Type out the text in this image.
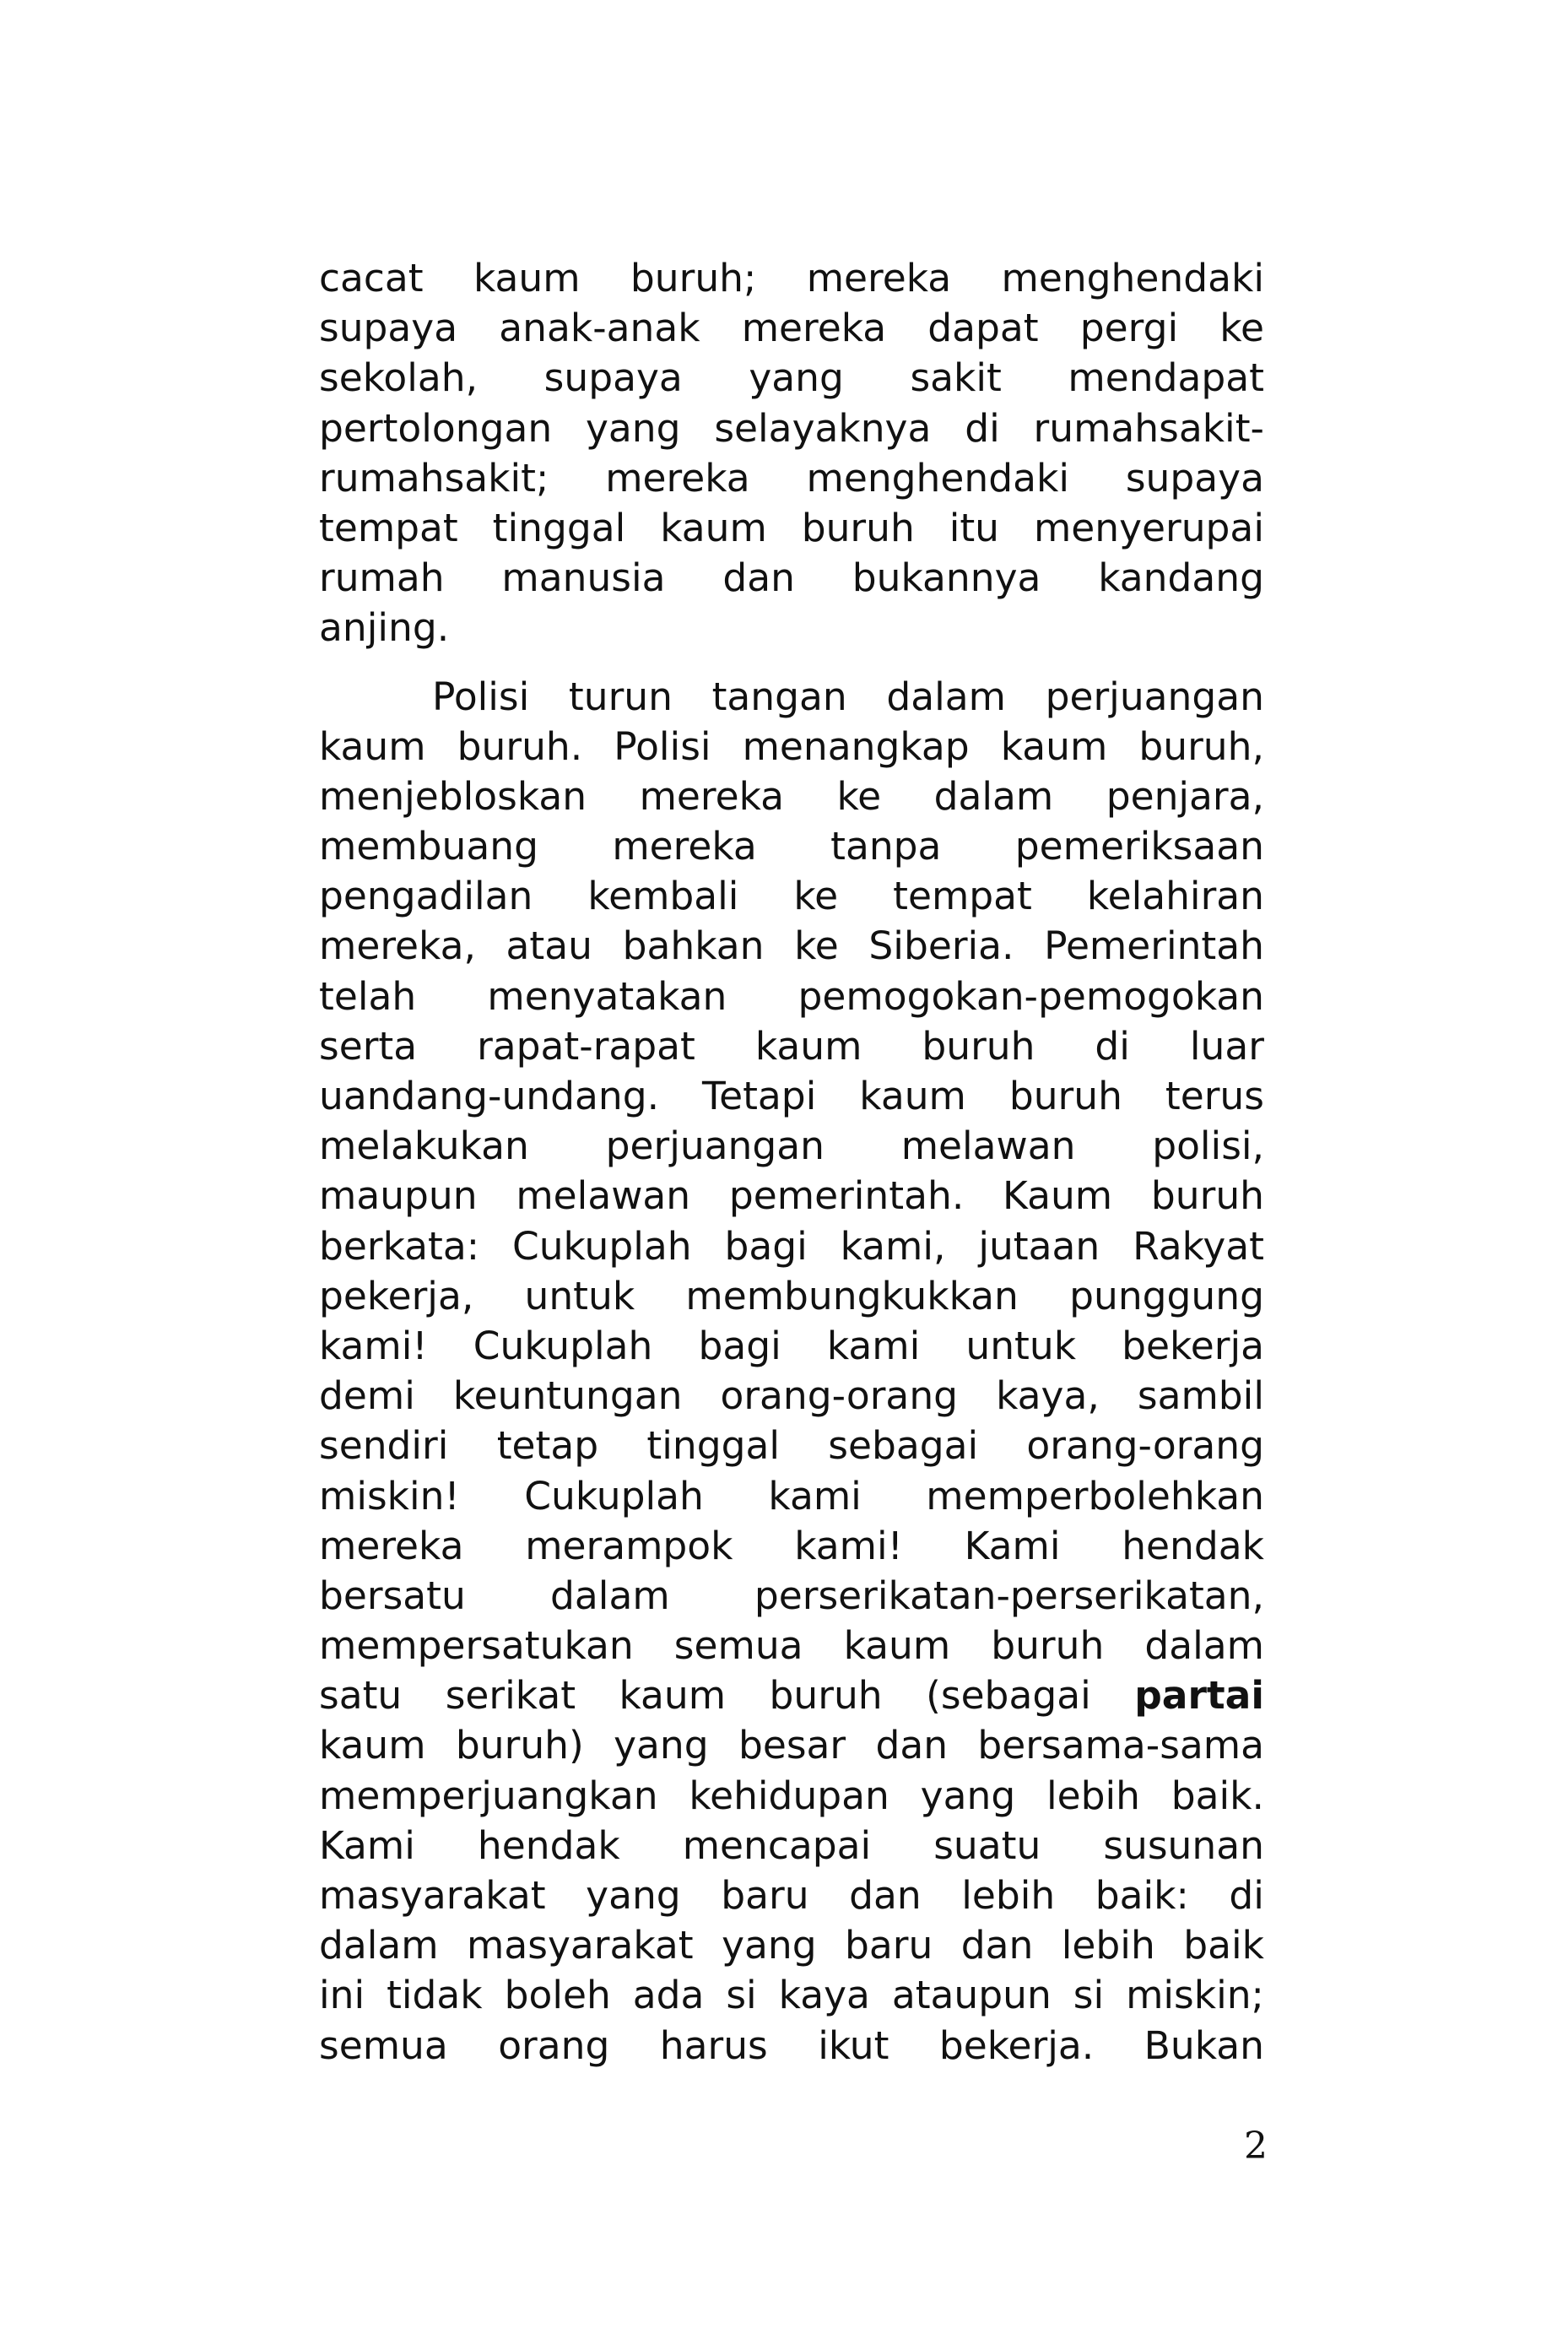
cacat kaum buruh; mereka menghendaki
supaya anak-anak mereka dapat pergi ke
sekolah, supaya yang sakit mendapat
pertolongan yang selayaknya di rumahsakit-
rumahsakit; mereka menghendaki supaya
tempat tinggal kaum buruh itu menyerupai
rumah manusia dan bukannya kandang
anjing.
Polisi turun tangan dalam perjuangan
kaum buruh. Polisi menangkap kaum buruh,
menjebloskan mereka ke dalam penjara,
membuang mereka tanpa pemeriksaan
pengadilan kembali ke tempat kelahiran
mereka, atau bahkan ke Siberia. Pemerintah
telah menyatakan pemogokan-pemogokan
serta rapat-rapat kaum buruh di luar
uandang-undang. Tetapi kaum buruh terus
melakukan perjuangan melawan polisi,
maupun melawan pemerintah. Kaum buruh
berkata: Cukuplah bagi kami, jutaan Rakyat
pekerja, untuk membungkukkan punggung
kami! Cukuplah bagi kami untuk bekerja
demi keuntungan orang-orang kaya, sambil
sendiri tetap tinggal sebagai orang-orang
miskin! Cukuplah kami memperbolehkan
mereka merampok kami! Kami hendak
bersatu dalam perserikatan-perserikatan,
mempersatukan semua kaum buruh dalam
satu serikat kaum buruh (sebagai partai
kaum buruh) yang besar dan bersama-sama
memperjuangkan kehidupan yang lebih baik.
Kami hendak mencapai suatu susunan
masyarakat yang baru dan lebih baik: di
dalam masyarakat yang baru dan lebih baik
ini tidak boleh ada si kaya ataupun si miskin;
semua orang harus ikut bekerja. Bukan
2
